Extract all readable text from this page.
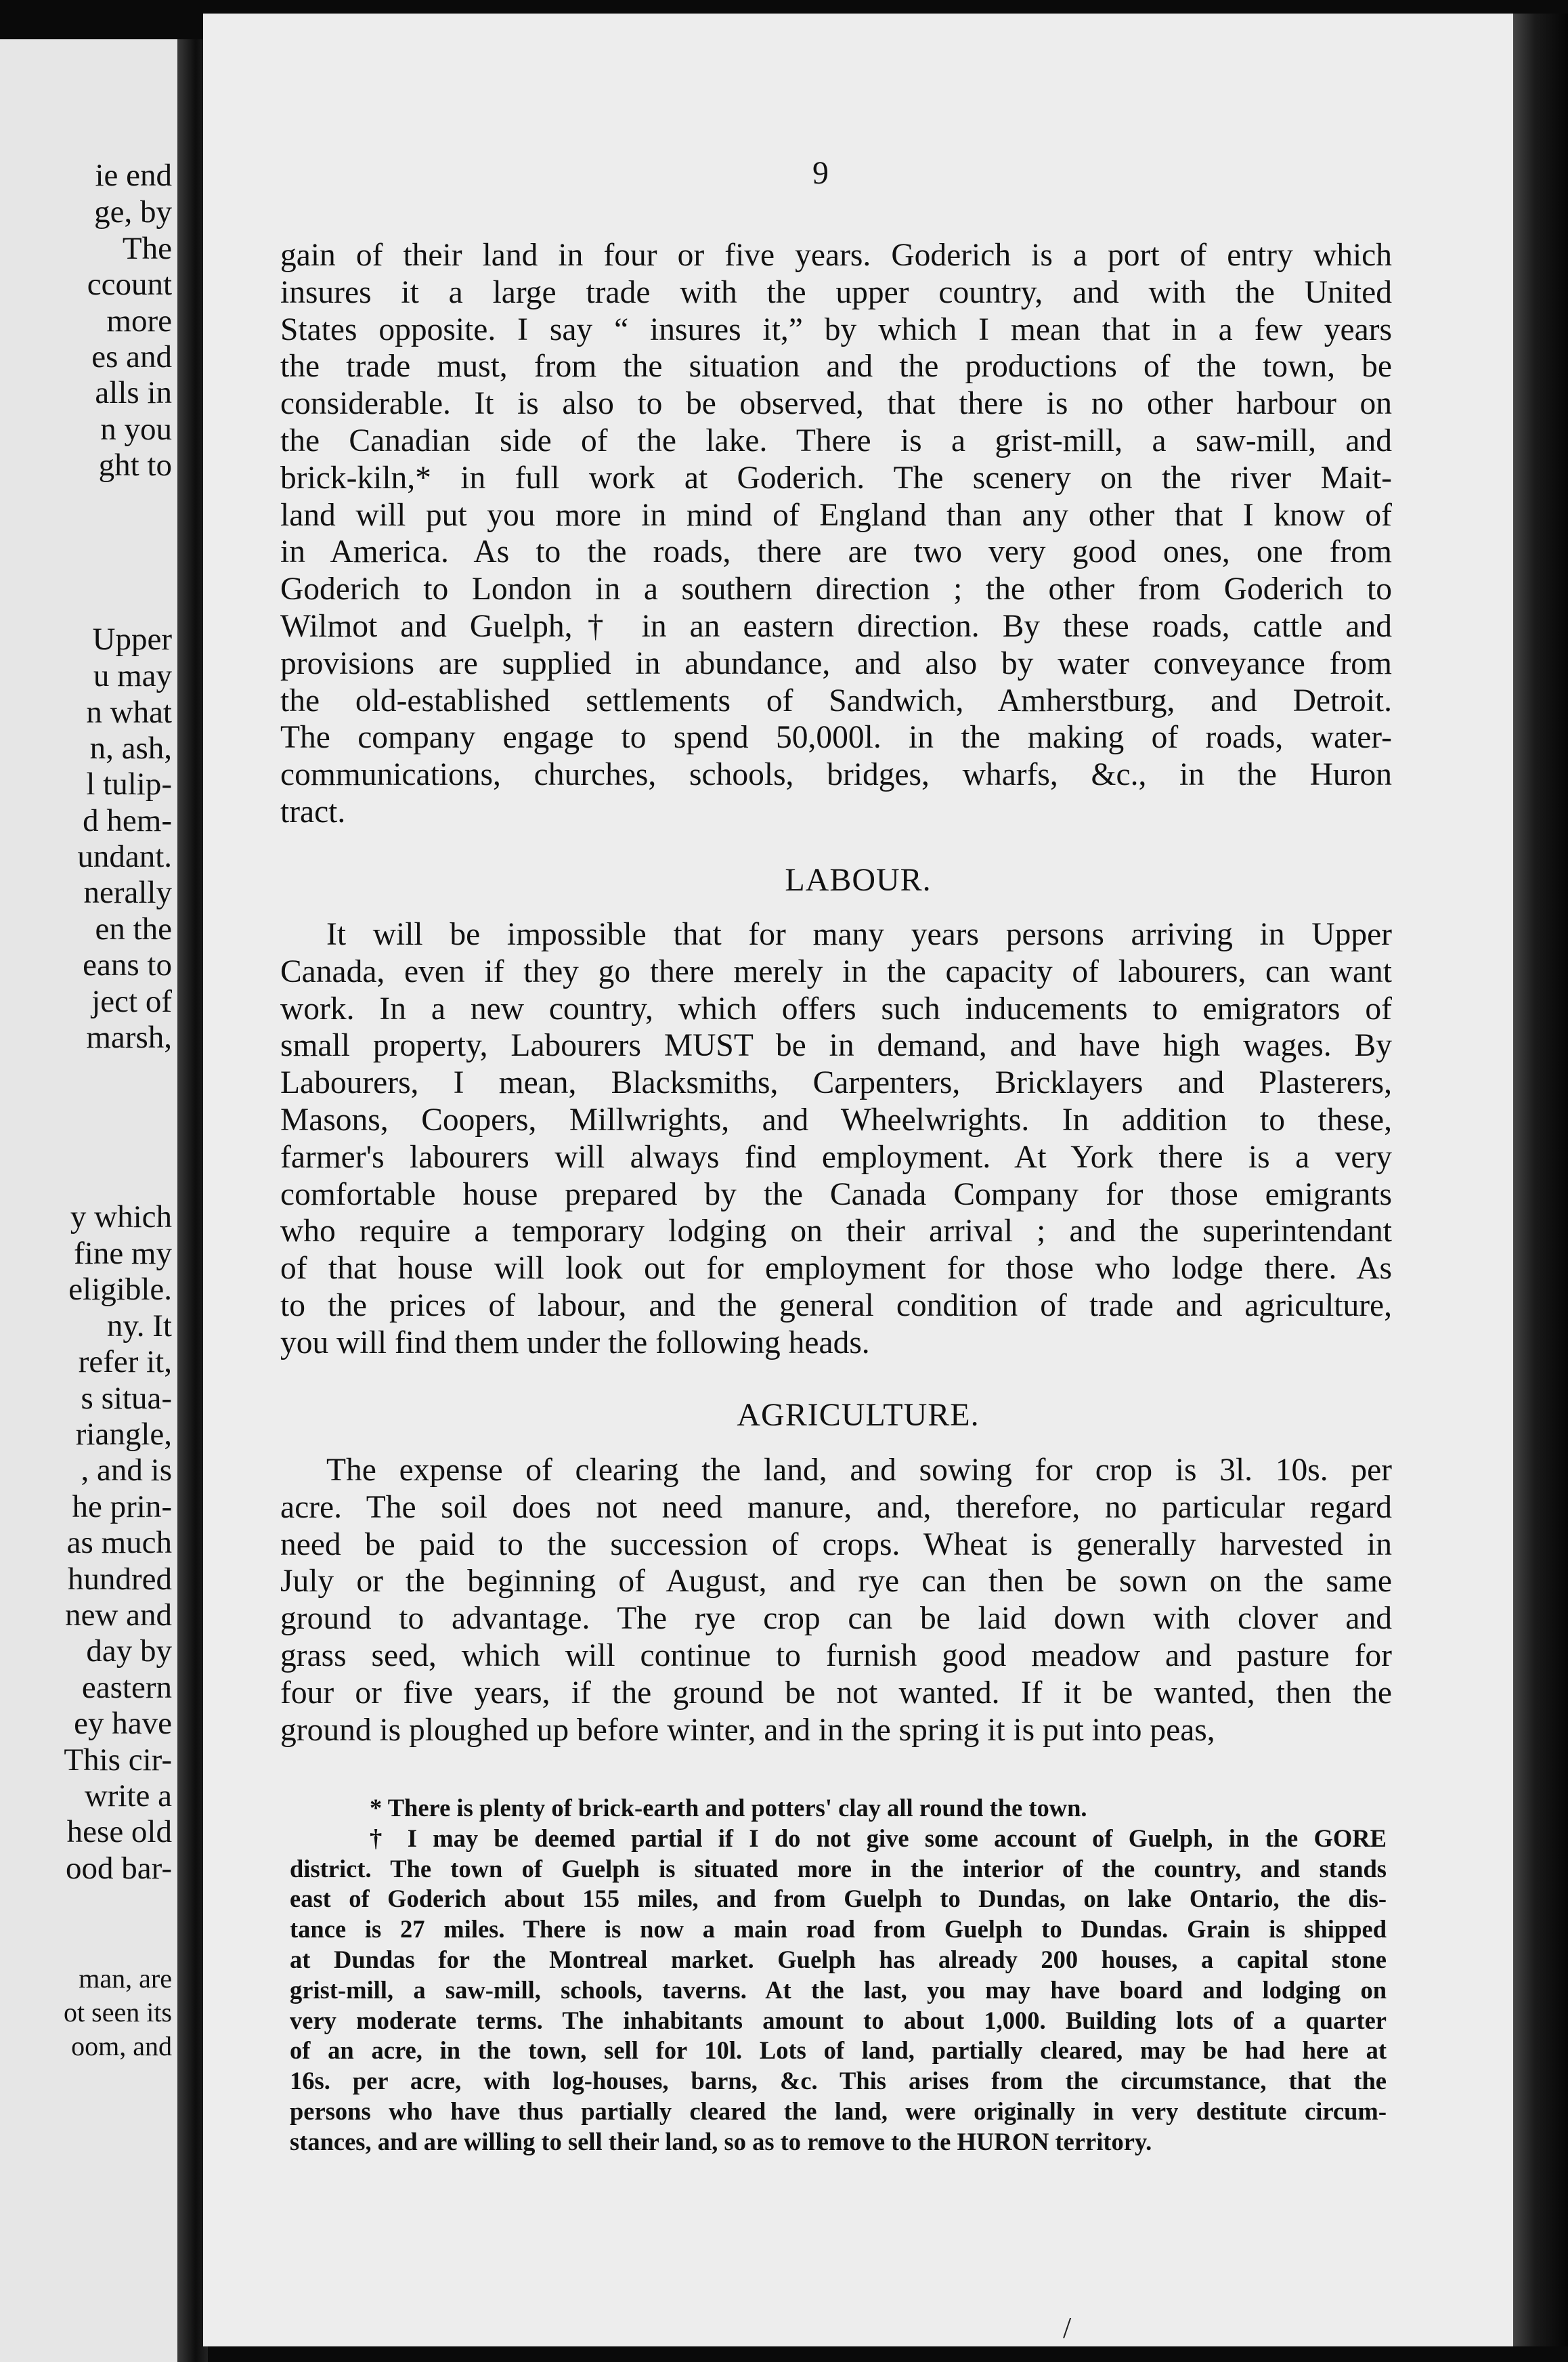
ie end
ge, by
The
ccount
more
es and
alls in
n you
ght to
Upper
u may
n what
n, ash,
l tulip-
d hem-
undant.
nerally
en the
eans to
ject of
marsh,
y which
fine my
eligible.
ny. It
refer it,
s situa-
riangle,
, and is
he prin-
as much
hundred
new and
day by
eastern
ey have
This cir-
write a
hese old
ood bar-
man, are
ot seen its
oom, and
9
gain of their land in four or five years. Goderich is a port of entry which
insures it a large trade with the upper country, and with the United
States opposite. I say “ insures it,” by which I mean that in a few years
the trade must, from the situation and the productions of the town, be
considerable. It is also to be observed, that there is no other harbour on
the Canadian side of the lake. There is a grist-mill, a saw-mill, and
brick-kiln,* in full work at Goderich. The scenery on the river Mait-
land will put you more in mind of England than any other that I know of
in America. As to the roads, there are two very good ones, one from
Goderich to London in a southern direction ; the other from Goderich to
Wilmot and Guelph,† in an eastern direction. By these roads, cattle and
provisions are supplied in abundance, and also by water conveyance from
the old-established settlements of Sandwich, Amherstburg, and Detroit.
The company engage to spend 50,000l. in the making of roads, water-
communications, churches, schools, bridges, wharfs, &c., in the Huron
tract.
LABOUR.
It will be impossible that for many years persons arriving in Upper
Canada, even if they go there merely in the capacity of labourers, can want
work. In a new country, which offers such inducements to emigrators of
small property, Labourers MUST be in demand, and have high wages. By
Labourers, I mean, Blacksmiths, Carpenters, Bricklayers and Plasterers,
Masons, Coopers, Millwrights, and Wheelwrights. In addition to these,
farmer's labourers will always find employment. At York there is a very
comfortable house prepared by the Canada Company for those emigrants
who require a temporary lodging on their arrival ; and the superintendant
of that house will look out for employment for those who lodge there. As
to the prices of labour, and the general condition of trade and agriculture,
you will find them under the following heads.
AGRICULTURE.
The expense of clearing the land, and sowing for crop is 3l. 10s. per
acre. The soil does not need manure, and, therefore, no particular regard
need be paid to the succession of crops. Wheat is generally harvested in
July or the beginning of August, and rye can then be sown on the same
ground to advantage. The rye crop can be laid down with clover and
grass seed, which will continue to furnish good meadow and pasture for
four or five years, if the ground be not wanted. If it be wanted, then the
ground is ploughed up before winter, and in the spring it is put into peas,
* There is plenty of brick-earth and potters' clay all round the town.
† I may be deemed partial if I do not give some account of Guelph, in the GORE
district. The town of Guelph is situated more in the interior of the country, and stands
east of Goderich about 155 miles, and from Guelph to Dundas, on lake Ontario, the dis-
tance is 27 miles. There is now a main road from Guelph to Dundas. Grain is shipped
at Dundas for the Montreal market. Guelph has already 200 houses, a capital stone
grist-mill, a saw-mill, schools, taverns. At the last, you may have board and lodging on
very moderate terms. The inhabitants amount to about 1,000. Building lots of a quarter
of an acre, in the town, sell for 10l. Lots of land, partially cleared, may be had here at
16s. per acre, with log-houses, barns, &c. This arises from the circumstance, that the
persons who have thus partially cleared the land, were originally in very destitute circum-
stances, and are willing to sell their land, so as to remove to the HURON territory.
/
